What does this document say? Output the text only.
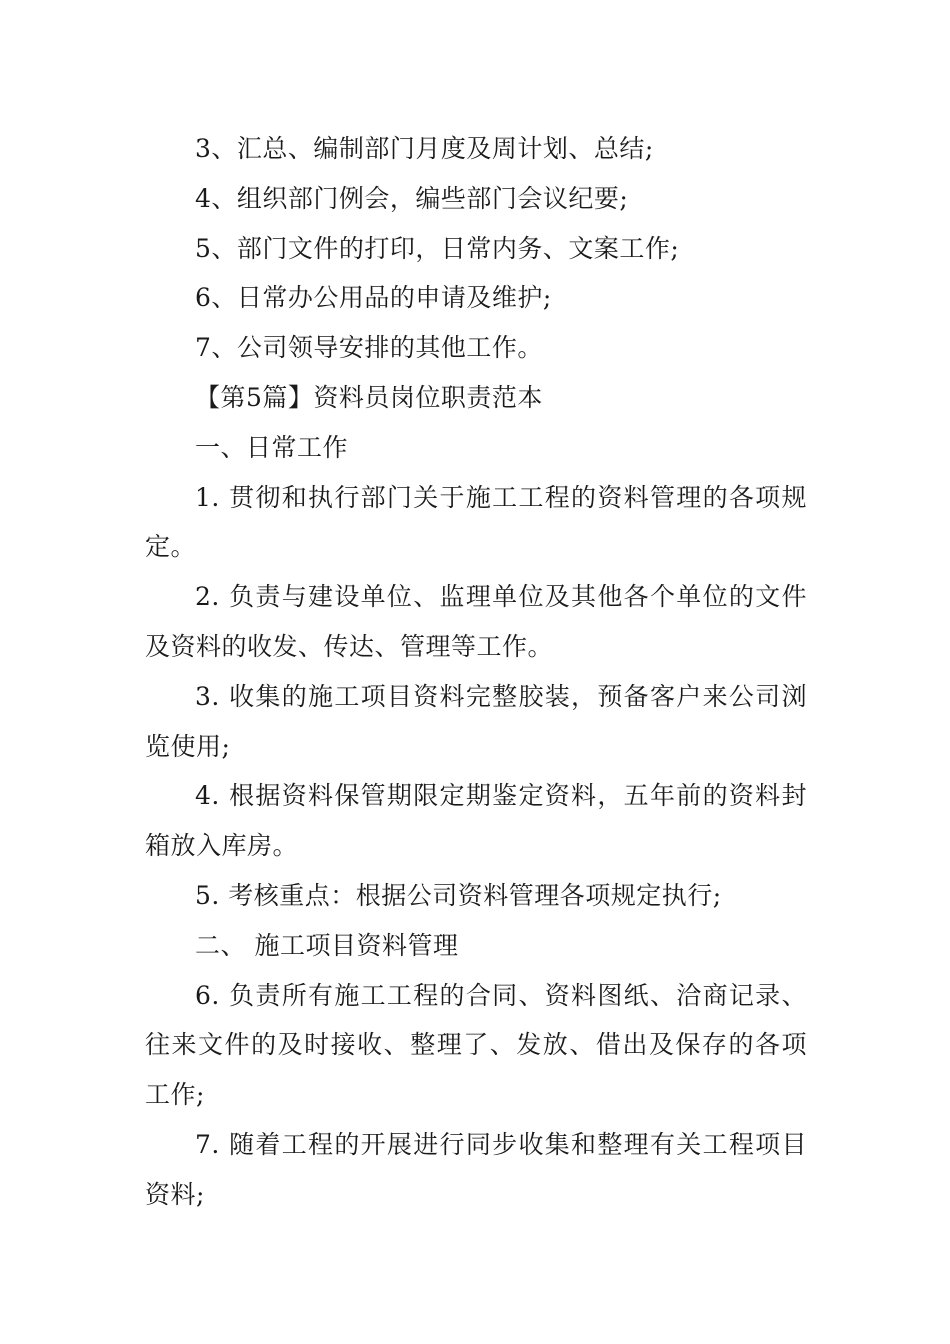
3、汇总、编制部门月度及周计划、总结;

4、组织部门例会，编些部门会议纪要;

5、部门文件的打印，日常内务、文案工作;

6、日常办公用品的申请及维护;

7、公司领导安排的其他工作。

【第5篇】资料员岗位职责范本

一、日常工作

1. 贯彻和执行部门关于施工工程的资料管理的各项规定。

2. 负责与建设单位、监理单位及其他各个单位的文件及资料的收发、传达、管理等工作。

3. 收集的施工项目资料完整胶装，预备客户来公司浏览使用;

4. 根据资料保管期限定期鉴定资料，五年前的资料封箱放入库房。

5. 考核重点：根据公司资料管理各项规定执行;

二、 施工项目资料管理

6. 负责所有施工工程的合同、资料图纸、洽商记录、往来文件的及时接收、整理了、发放、借出及保存的各项工作;

7. 随着工程的开展进行同步收集和整理有关工程项目资料;
